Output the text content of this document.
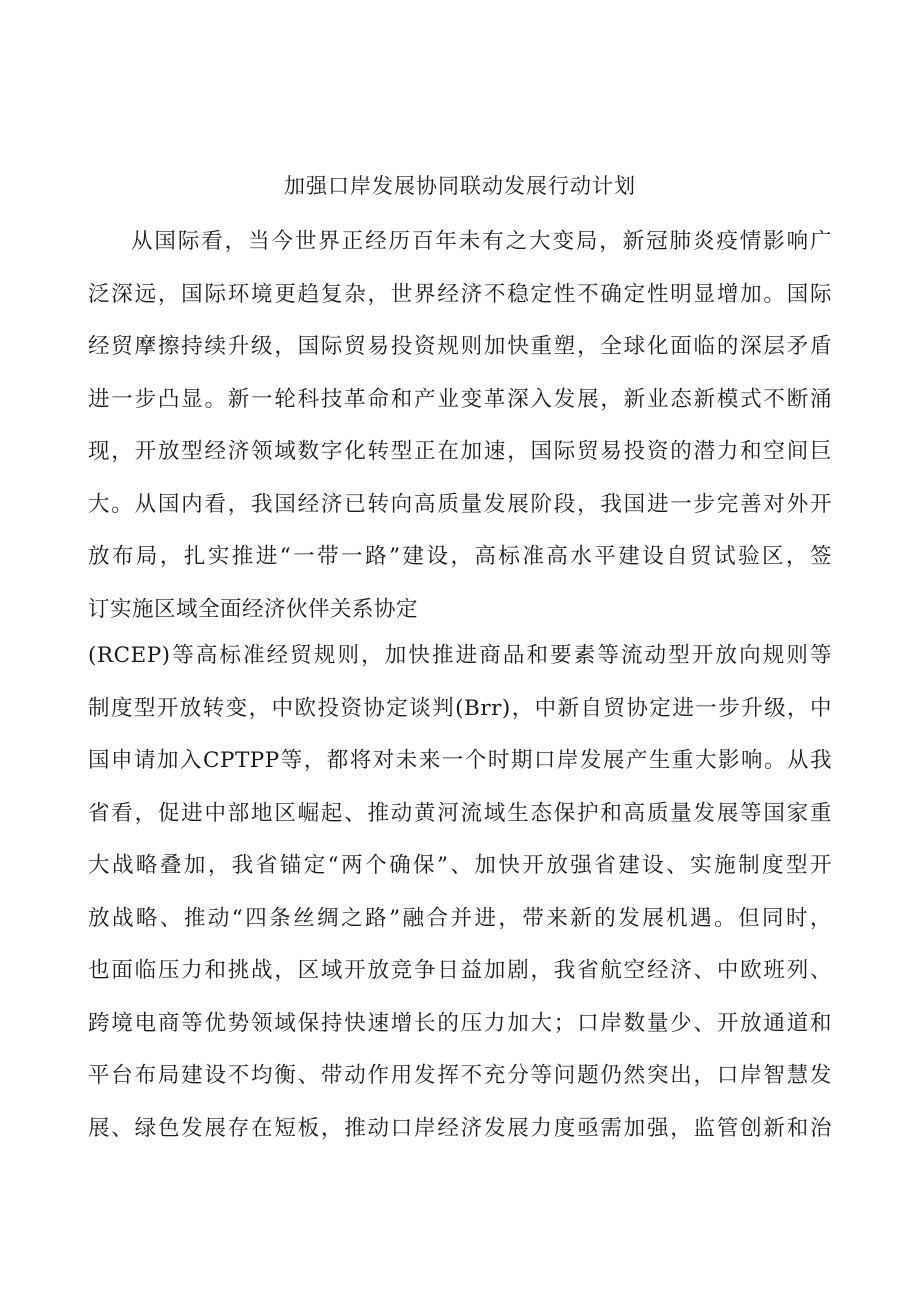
加强口岸发展协同联动发展行动计划
从国际看，当今世界正经历百年未有之大变局，新冠肺炎疫情影响广
泛深远，国际环境更趋复杂，世界经济不稳定性不确定性明显增加。国际
经贸摩擦持续升级，国际贸易投资规则加快重塑，全球化面临的深层矛盾
进一步凸显。新一轮科技革命和产业变革深入发展，新业态新模式不断涌
现，开放型经济领域数字化转型正在加速，国际贸易投资的潜力和空间巨
大。从国内看，我国经济已转向高质量发展阶段，我国进一步完善对外开
放布局，扎实推进“一带一路”建设，高标准高水平建设自贸试验区，签
订实施区域全面经济伙伴关系协定
(RCEP)等高标准经贸规则，加快推进商品和要素等流动型开放向规则等
制度型开放转变，中欧投资协定谈判(Brr)，中新自贸协定进一步升级，中
国申请加入CPTPP等，都将对未来一个时期口岸发展产生重大影响。从我
省看，促进中部地区崛起、推动黄河流域生态保护和高质量发展等国家重
大战略叠加，我省锚定“两个确保”、加快开放强省建设、实施制度型开
放战略、推动“四条丝绸之路”融合并进，带来新的发展机遇。但同时，
也面临压力和挑战，区域开放竞争日益加剧，我省航空经济、中欧班列、
跨境电商等优势领域保持快速增长的压力加大；口岸数量少、开放通道和
平台布局建设不均衡、带动作用发挥不充分等问题仍然突出，口岸智慧发
展、绿色发展存在短板，推动口岸经济发展力度亟需加强，监管创新和治
